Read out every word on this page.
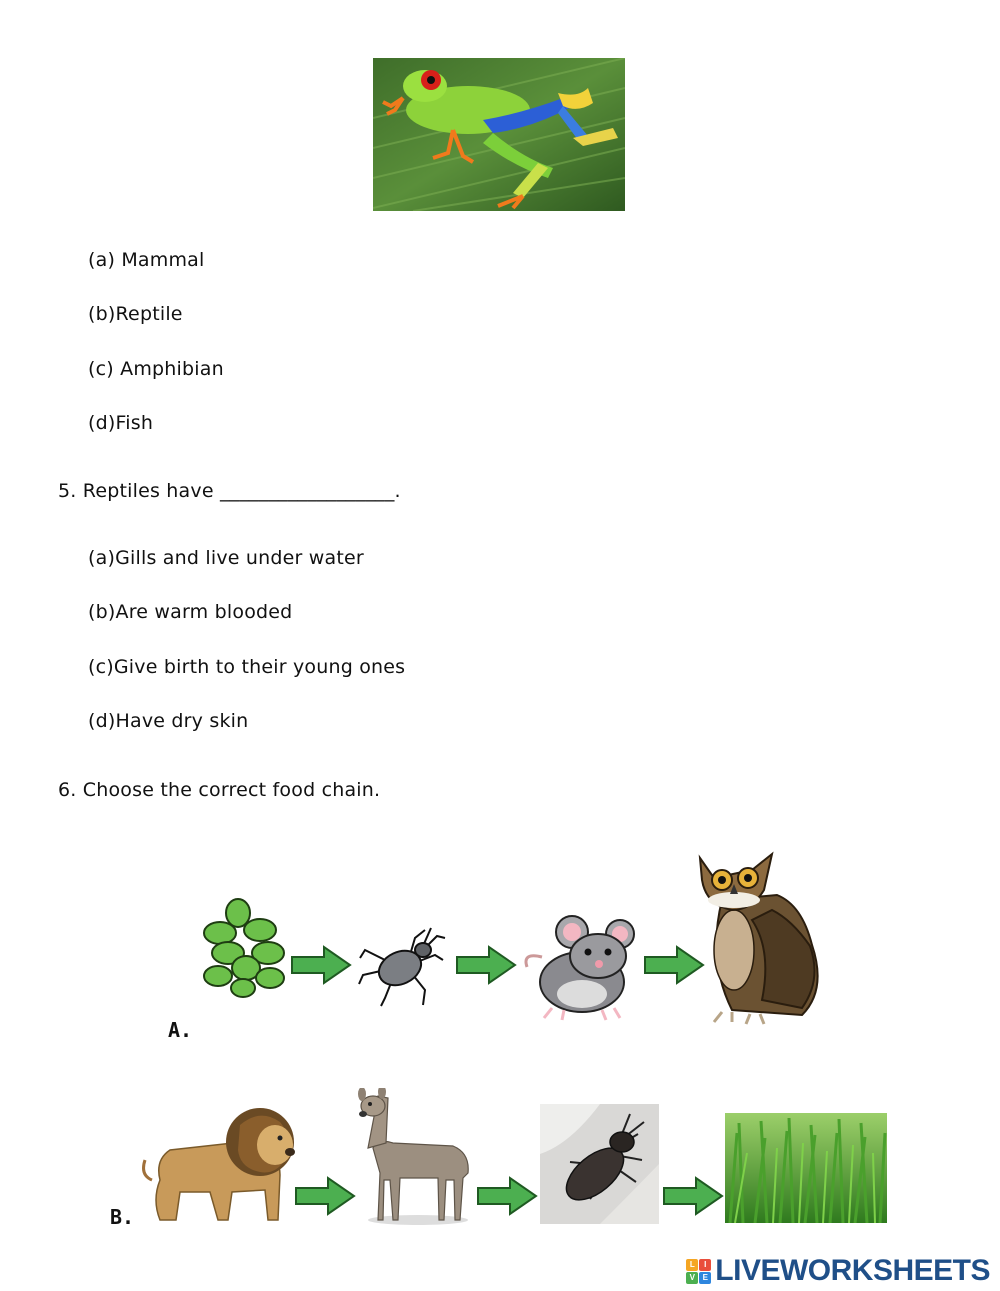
(a) Mammal
(b)Reptile
(c) Amphibian
(d)Fish
5. Reptiles have __________________.
(a)Gills and live under water
(b)Are warm blooded
(c)Give birth to their young ones
(d)Have dry skin
6. Choose the correct food chain.
A.
B.
L	I
V E LIVEWORKSHEETS
